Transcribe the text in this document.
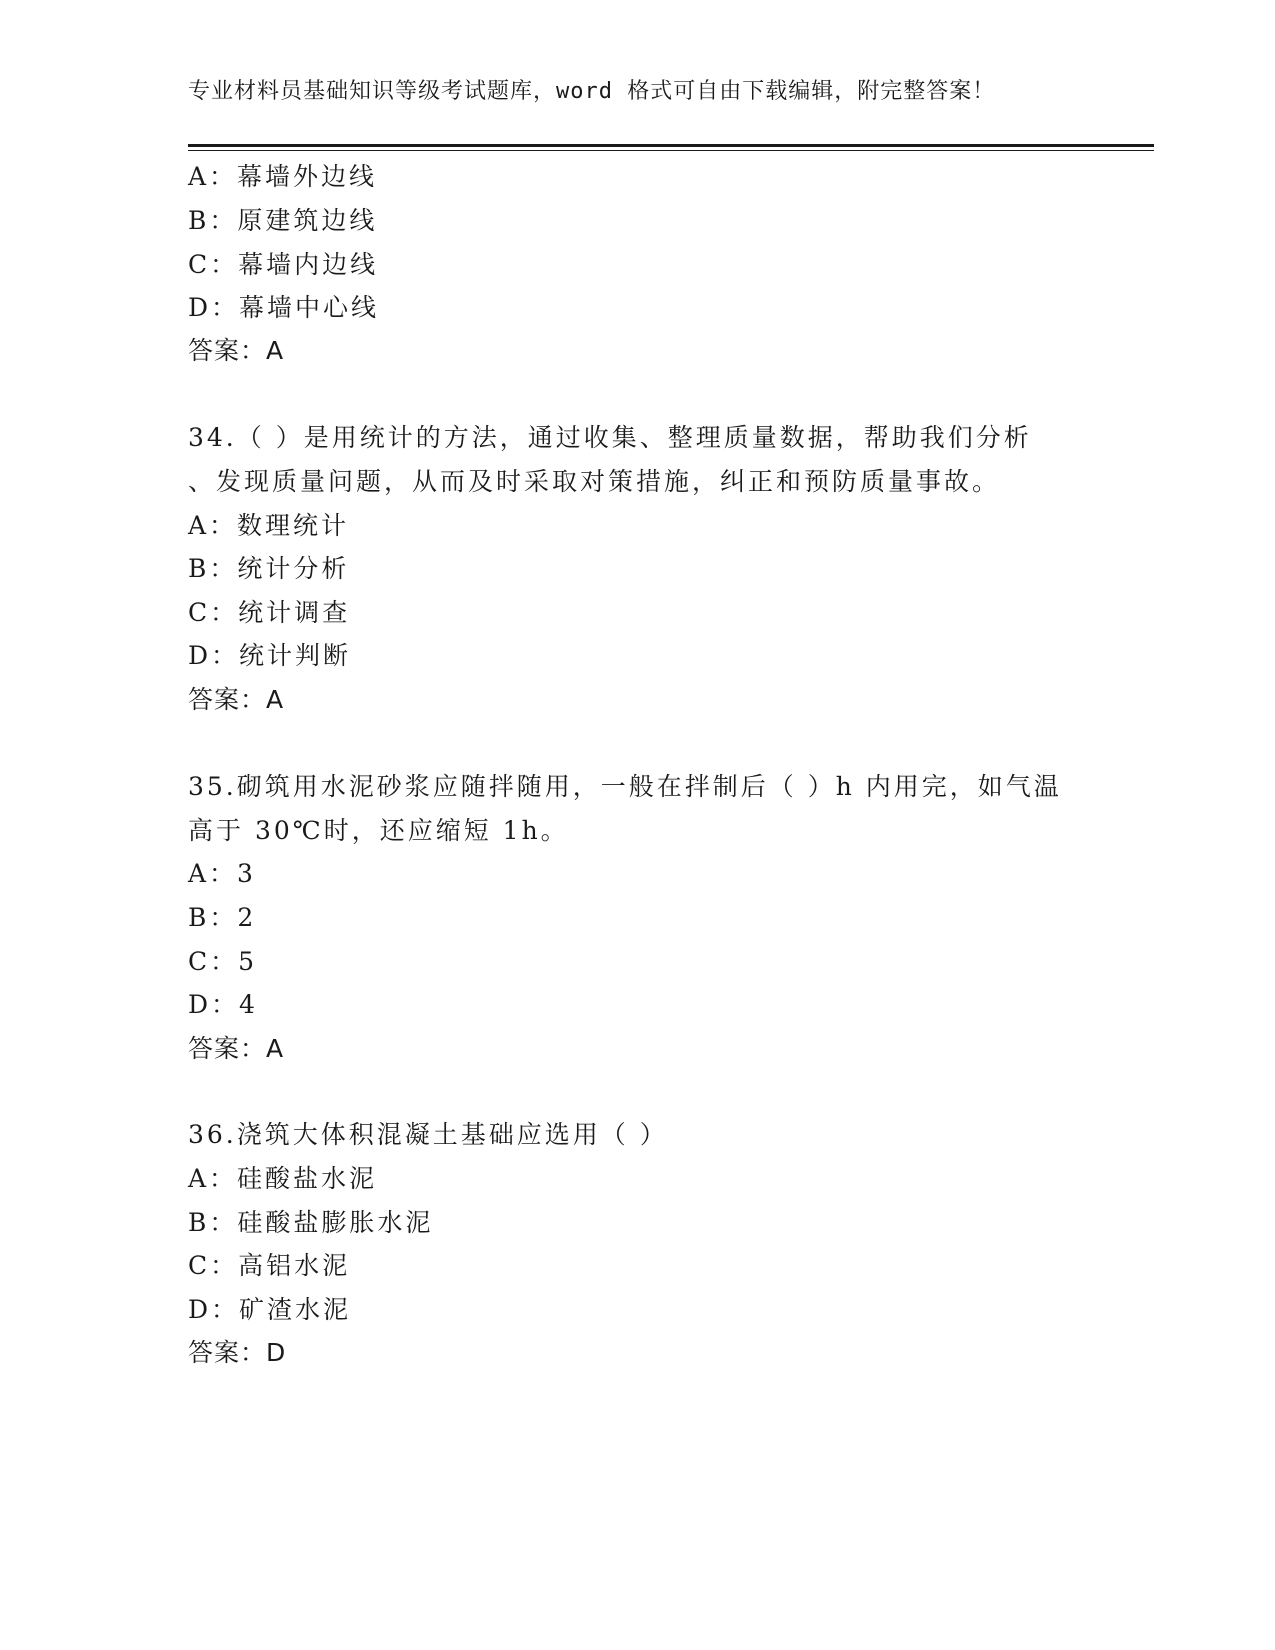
专业材料员基础知识等级考试题库，word 格式可自由下载编辑，附完整答案！
A：幕墙外边线
B：原建筑边线
C：幕墙内边线
D：幕墙中心线
答案：A
34.（ ）是用统计的方法，通过收集、整理质量数据，帮助我们分析
、发现质量问题，从而及时采取对策措施，纠正和预防质量事故。
A：数理统计
B：统计分析
C：统计调查
D：统计判断
答案：A
35.砌筑用水泥砂浆应随拌随用，一般在拌制后（ ）h 内用完，如气温
高于 30℃时，还应缩短 1h。
A：3
B：2
C：5
D：4
答案：A
36.浇筑大体积混凝土基础应选用（ ）
A：硅酸盐水泥
B：硅酸盐膨胀水泥
C：高铝水泥
D：矿渣水泥
答案：D
